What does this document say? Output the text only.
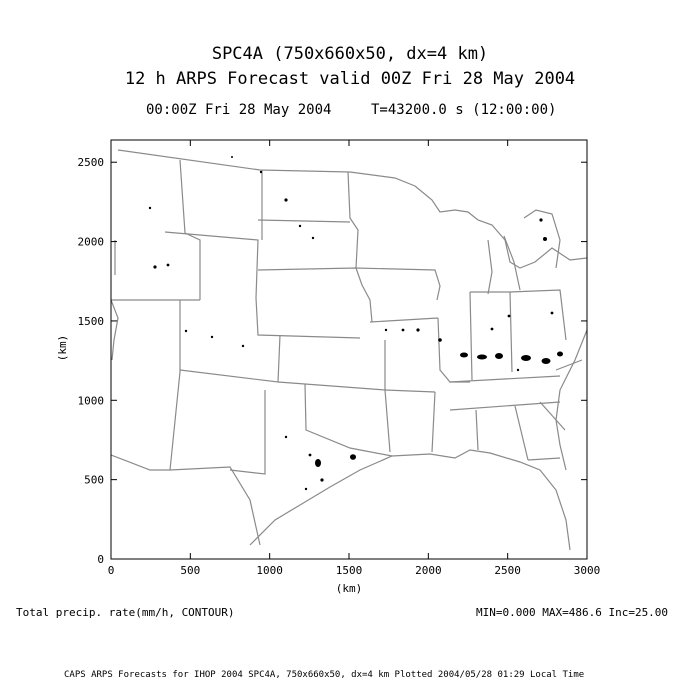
SPC4A (750x660x50, dx=4 km)
12 h ARPS Forecast valid 00Z Fri 28 May 2004
00:00Z Fri 28 May 2004	T=43200.0 s (12:00:00)
0	500	1000	1500	2000	2500	3000
0
500
1000
1500
2000
2500
(km)
(km)
Total precip. rate(mm/h, CONTOUR)	MIN=0.000 MAX=486.6 Inc=25.00
CAPS ARPS Forecasts for IHOP 2004 SPC4A, 750x660x50, dx=4 km Plotted 2004/05/28 01:29 Local Time
